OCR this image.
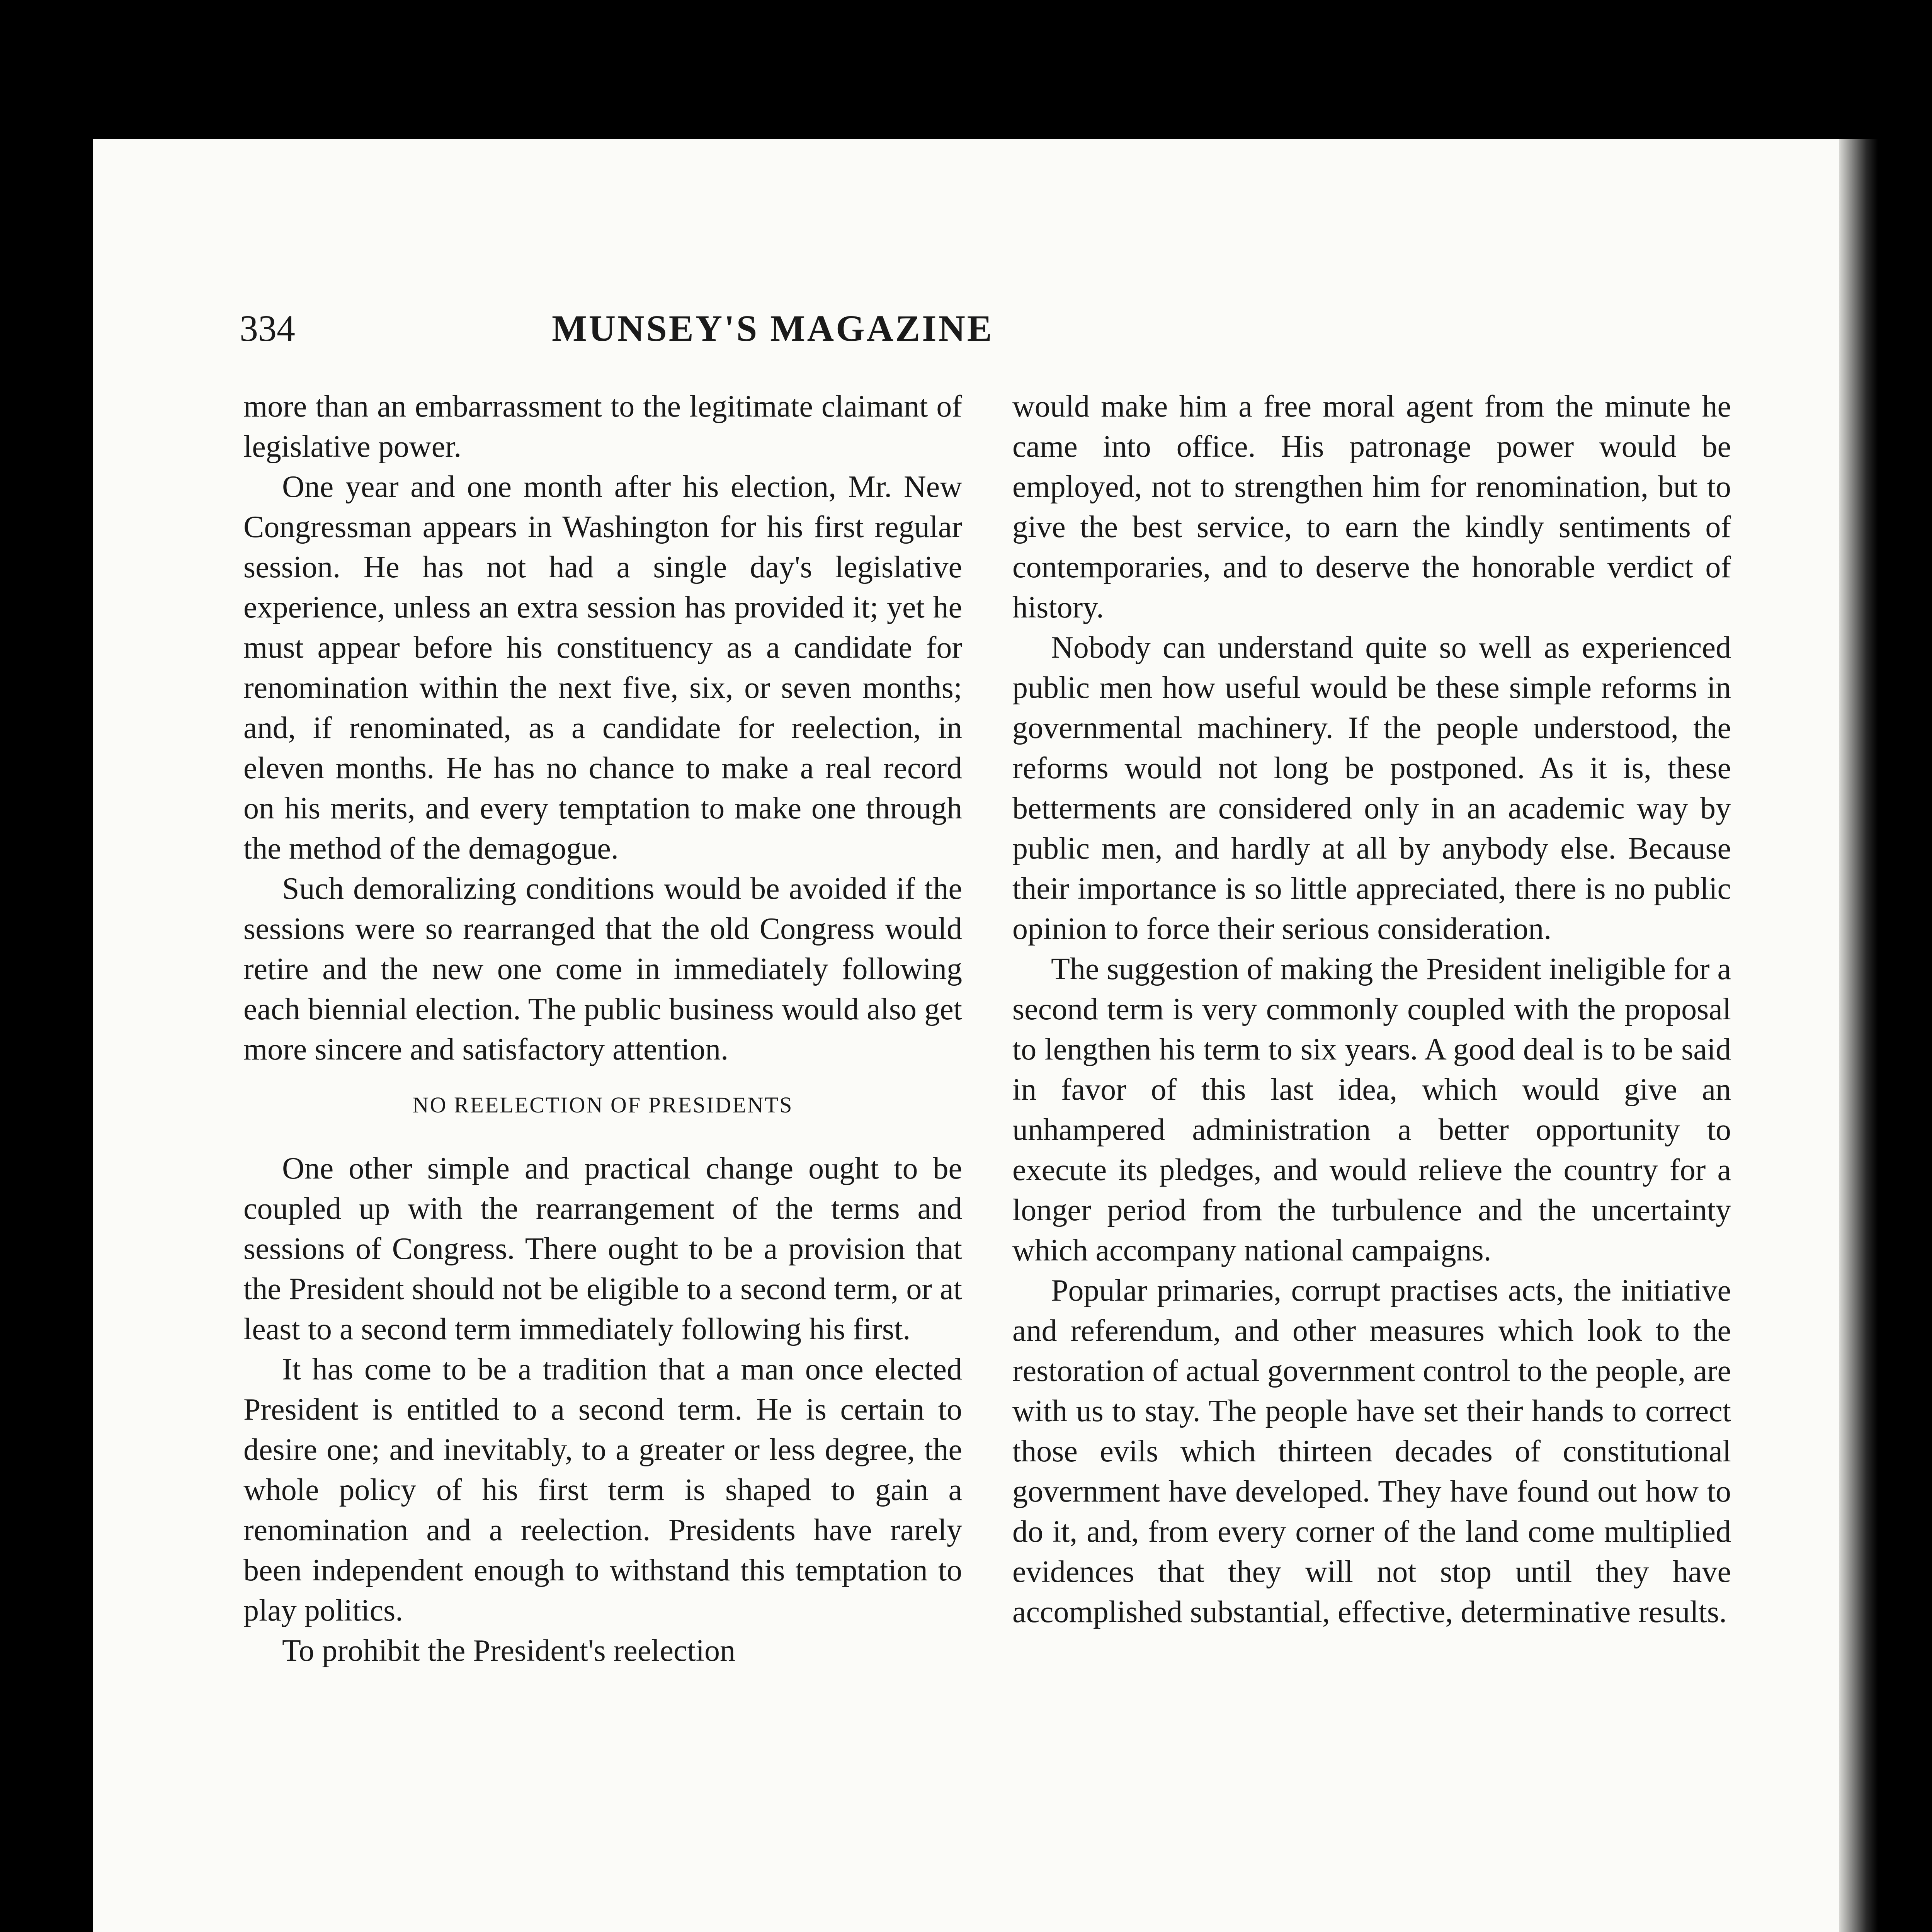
334	MUNSEY'S MAGAZINE

more than an embarrassment to the legitimate claimant of legislative power.

One year and one month after his election, Mr. New Congressman appears in Washington for his first regular session. He has not had a single day's legislative experience, unless an extra session has provided it; yet he must appear before his constituency as a candidate for renomination within the next five, six, or seven months; and, if renominated, as a candidate for reelection, in eleven months. He has no chance to make a real record on his merits, and every temptation to make one through the method of the demagogue.

Such demoralizing conditions would be avoided if the sessions were so rearranged that the old Congress would retire and the new one come in immediately following each biennial election. The public business would also get more sincere and satisfactory attention.

NO REELECTION OF PRESIDENTS

One other simple and practical change ought to be coupled up with the rearrangement of the terms and sessions of Congress. There ought to be a provision that the President should not be eligible to a second term, or at least to a second term immediately following his first.

It has come to be a tradition that a man once elected President is entitled to a second term. He is certain to desire one; and inevitably, to a greater or less degree, the whole policy of his first term is shaped to gain a renomination and a reelection. Presidents have rarely been independent enough to withstand this temptation to play politics.

To prohibit the President's reelection

would make him a free moral agent from the minute he came into office. His patronage power would be employed, not to strengthen him for renomination, but to give the best service, to earn the kindly sentiments of contemporaries, and to deserve the honorable verdict of history.

Nobody can understand quite so well as experienced public men how useful would be these simple reforms in governmental machinery. If the people understood, the reforms would not long be postponed. As it is, these betterments are considered only in an academic way by public men, and hardly at all by anybody else. Because their importance is so little appreciated, there is no public opinion to force their serious consideration.

The suggestion of making the President ineligible for a second term is very commonly coupled with the proposal to lengthen his term to six years. A good deal is to be said in favor of this last idea, which would give an unhampered administration a better opportunity to execute its pledges, and would relieve the country for a longer period from the turbulence and the uncertainty which accompany national campaigns.

Popular primaries, corrupt practises acts, the initiative and referendum, and other measures which look to the restoration of actual government control to the people, are with us to stay. The people have set their hands to correct those evils which thirteen decades of constitutional government have developed. They have found out how to do it, and, from every corner of the land come multiplied evidences that they will not stop until they have accomplished substantial, effective, determinative results.
